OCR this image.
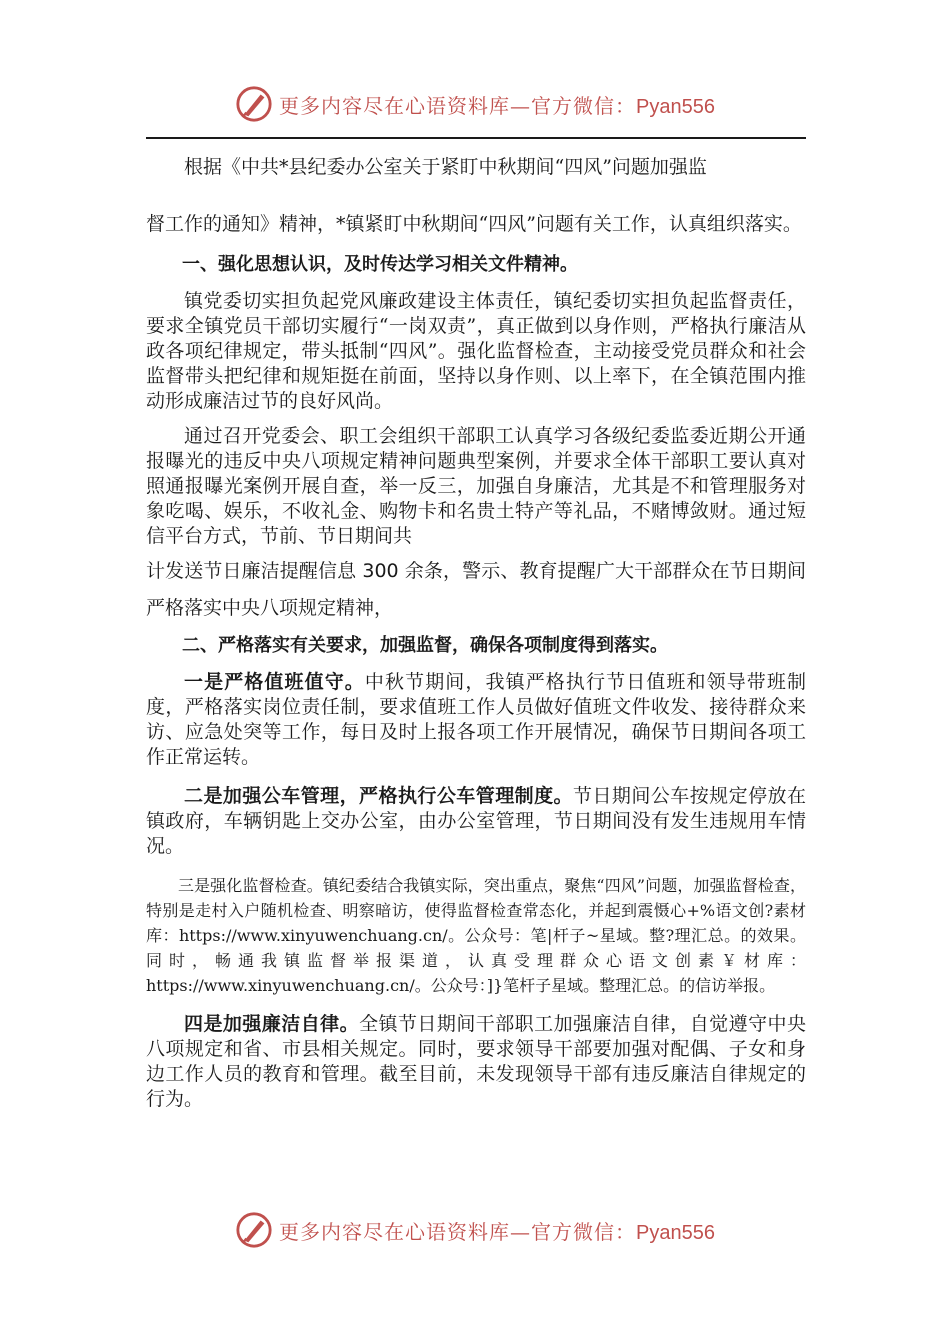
更多内容尽在心语资料库—官方微信：Pyan556

根据《中共*县纪委办公室关于紧盯中秋期间“四风”问题加强监

督工作的通知》精神，*镇紧盯中秋期间“四风”问题有关工作，认真组织落实。

一、强化思想认识，及时传达学习相关文件精神。

镇党委切实担负起党风廉政建设主体责任，镇纪委切实担负起监督责任，要求全镇党员干部切实履行“一岗双责”，真正做到以身作则，严格执行廉洁从政各项纪律规定，带头抵制“四风”。强化监督检查，主动接受党员群众和社会监督带头把纪律和规矩挺在前面，坚持以身作则、以上率下，在全镇范围内推动形成廉洁过节的良好风尚。

通过召开党委会、职工会组织干部职工认真学习各级纪委监委近期公开通报曝光的违反中央八项规定精神问题典型案例，并要求全体干部职工要认真对照通报曝光案例开展自查，举一反三，加强自身廉洁，尤其是不和管理服务对象吃喝、娱乐，不收礼金、购物卡和名贵土特产等礼品，不赌博敛财。通过短信平台方式，节前、节日期间共

计发送节日廉洁提醒信息 300 余条，警示、教育提醒广大干部群众在节日期间严格落实中央八项规定精神，

二、严格落实有关要求，加强监督，确保各项制度得到落实。

一是严格值班值守。中秋节期间，我镇严格执行节日值班和领导带班制度，严格落实岗位责任制，要求值班工作人员做好值班文件收发、接待群众来访、应急处突等工作，每日及时上报各项工作开展情况，确保节日期间各项工作正常运转。

二是加强公车管理，严格执行公车管理制度。节日期间公车按规定停放在镇政府，车辆钥匙上交办公室，由办公室管理，节日期间没有发生违规用车情况。

三是强化监督检查。镇纪委结合我镇实际，突出重点，聚焦“四风”问题，加强监督检查，特别是走村入户随机检查、明察暗访，使得监督检查常态化，并起到震慑心+%语文创?素材库：https://www.xinyuwenchuang.cn/。公众号：笔|杆子~星域。整?理汇总。的效果。同时，畅通我镇监督举报渠道，认真受理群众心语文创素￥材库：https://www.xinyuwenchuang.cn/。公众号：]}笔杆子星域。整理汇总。的信访举报。

四是加强廉洁自律。全镇节日期间干部职工加强廉洁自律，自觉遵守中央八项规定和省、市县相关规定。同时，要求领导干部要加强对配偶、子女和身边工作人员的教育和管理。截至目前，未发现领导干部有违反廉洁自律规定的行为。

更多内容尽在心语资料库—官方微信：Pyan556
